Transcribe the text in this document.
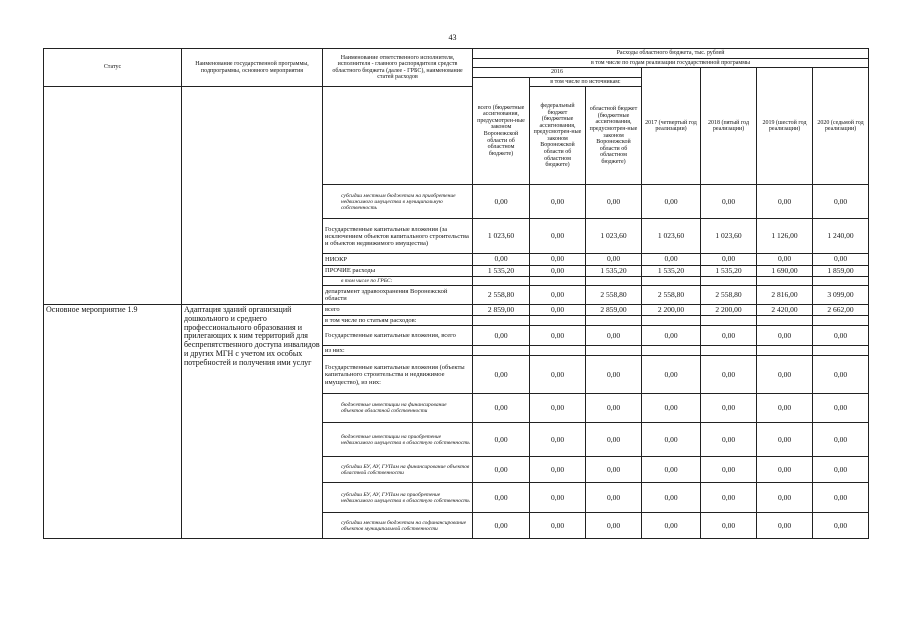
43
Статус	Наименование государственной программы, подпрограммы, основного мероприятия	Наименование ответственного исполнителя, исполнителя - главного распорядителя средств областного бюджета (далее - ГРБС), наименование статей расходов	Расходы областного бюджета, тыс. рублей						
			в том числе по годам реализации государственной программы						
			2016			2017 (четвертый год реализации)	2018 (пятый год реализации)	2019 (шестой год реализации)	2020 (седьмой год реализации)
			всего (бюджетные ассигнования, предусмотрен-ные законом Воронежской области об областном бюджете)	в том числе по источникам:					
				федеральный бюджет (бюджетные ассигнования, предусмотрен-ные законом Воронежской области об областном бюджете)	областной бюджет (бюджетные ассигнования, предусмотрен-ные законом Воронежской области об областном бюджете)				
		субсидии местным бюджетам на приобретение недвижимого имущества в муниципальную собственность	0,00	0,00	0,00	0,00	0,00	0,00	0,00
		Государственные капитальные вложения (за исключением объектов капитального строительства и объектов недвижимого имущества)	1 023,60	0,00	1 023,60	1 023,60	1 023,60	1 126,00	1 240,00
		НИОКР	0,00	0,00	0,00	0,00	0,00	0,00	0,00
		ПРОЧИЕ расходы	1 535,20	0,00	1 535,20	1 535,20	1 535,20	1 690,00	1 859,00
		в том числе по ГРБС:							
		департамент здравоохранения Воронежской области	2 558,80	0,00	2 558,80	2 558,80	2 558,80	2 816,00	3 099,00
Основное мероприятие 1.9	Адаптация зданий организаций дошкольного и среднего профессионального образования и прилегающих к ним территорий для беспрепятственного доступа инвалидов и других МГН с учетом их особых потребностей и получения ими услуг	всего	2 859,00	0,00	2 859,00	2 200,00	2 200,00	2 420,00	2 662,00
		в том числе по статьям расходов:							
		Государственные капитальные вложения, всего	0,00	0,00	0,00	0,00	0,00	0,00	0,00
		из них:							
		Государственные капитальные вложения (объекты капитального строительства и недвижимое имущество), из них:	0,00	0,00	0,00	0,00	0,00	0,00	0,00
		бюджетные инвестиции на финансирование объектов областной собственности	0,00	0,00	0,00	0,00	0,00	0,00	0,00
		бюджетные инвестиции на приобретение недвижимого имущества в областную собственность	0,00	0,00	0,00	0,00	0,00	0,00	0,00
		субсидии БУ, АУ, ГУПам на финансирование объектов областной собственности	0,00	0,00	0,00	0,00	0,00	0,00	0,00
		субсидии БУ, АУ, ГУПам на приобретение недвижимого имущества в областную собственность	0,00	0,00	0,00	0,00	0,00	0,00	0,00
		субсидии местным бюджетам на софинансирование объектов муниципальной собственности	0,00	0,00	0,00	0,00	0,00	0,00	0,00
